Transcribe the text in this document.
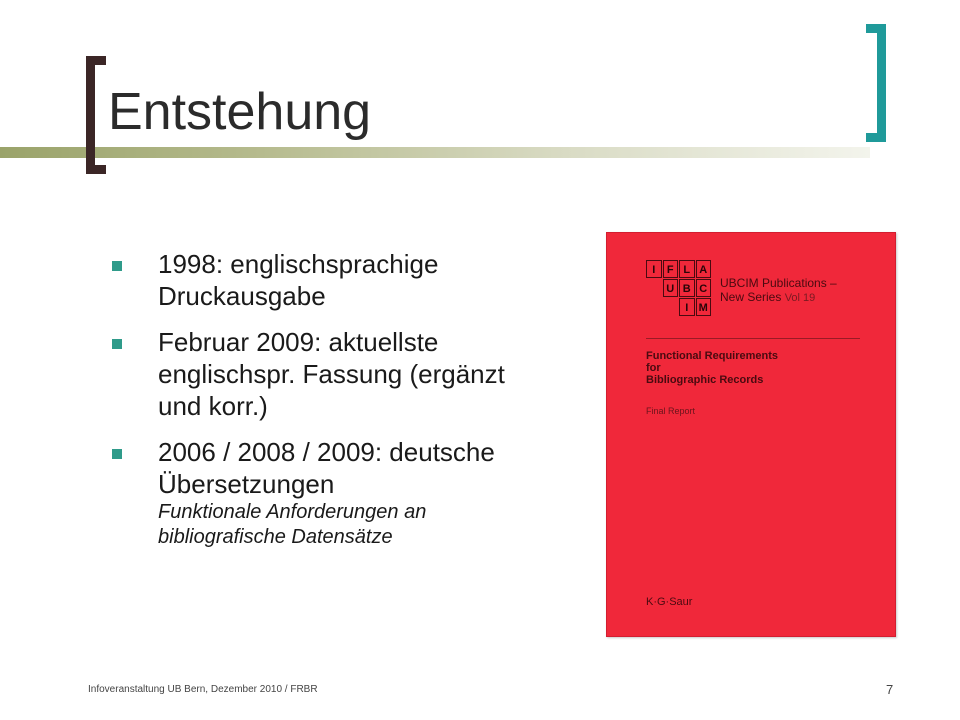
Entstehung
1998: englischsprachige Druckausgabe
Februar 2009: aktuellste englischspr. Fassung (ergänzt und korr.)
2006 / 2008 / 2009: deutsche Übersetzungen
Funktionale Anforderungen an bibliografische Datensätze
I	F L A
U B C
I M
UBCIM Publications –
New Series Vol 19
Functional Requirements
for
Bibliographic Records
Final Report
K·G·Saur
Infoveranstaltung UB Bern, Dezember 2010 / FRBR	7
